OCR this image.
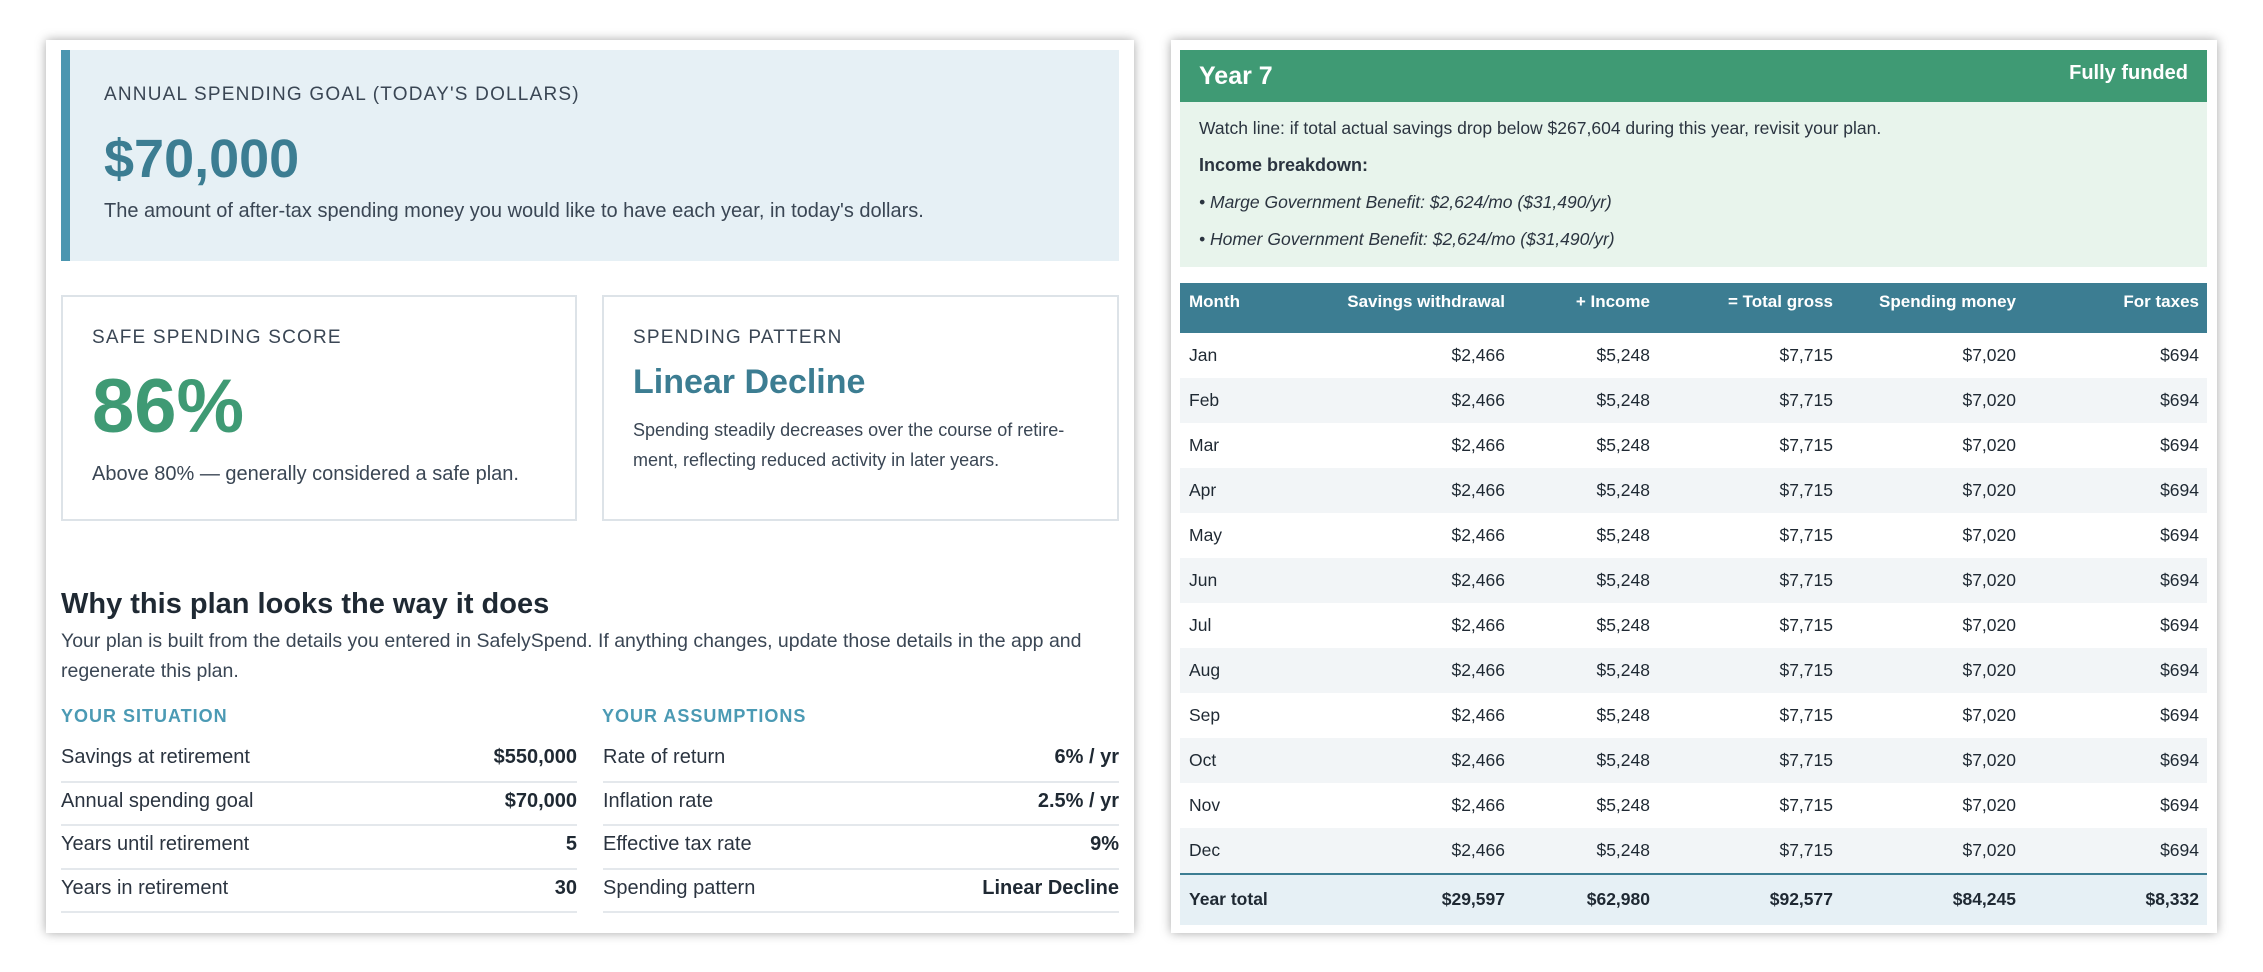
ANNUAL SPENDING GOAL (TODAY'S DOLLARS)
$70,000
The amount of after-tax spending money you would like to have each year, in today's dollars.
SAFE SPENDING SCORE
86%
Above 80% — generally considered a safe plan.
SPENDING PATTERN
Linear Decline
Spending steadily decreases over the course of retire-ment, reflecting reduced activity in later years.
Why this plan looks the way it does
Your plan is built from the details you entered in SafelySpend. If anything changes, update those details in the app and regenerate this plan.
YOUR SITUATION	YOUR ASSUMPTIONS
Savings at retirement	$550,000
Annual spending goal	$70,000
Years until retirement	5
Years in retirement	30
Rate of return	6% / yr
Inflation rate	2.5% / yr
Effective tax rate	9%
Spending pattern	Linear Decline
Year 7	Fully funded
Watch line: if total actual savings drop below $267,604 during this year, revisit your plan.
Income breakdown:
• Marge Government Benefit: $2,624/mo ($31,490/yr)
• Homer Government Benefit: $2,624/mo ($31,490/yr)
Month	Savings withdrawal	+ Income	= Total gross	Spending money	For taxes
Jan	$2,466	$5,248	$7,715	$7,020	$694
Feb	$2,466	$5,248	$7,715	$7,020	$694
Mar	$2,466	$5,248	$7,715	$7,020	$694
Apr	$2,466	$5,248	$7,715	$7,020	$694
May	$2,466	$5,248	$7,715	$7,020	$694
Jun	$2,466	$5,248	$7,715	$7,020	$694
Jul	$2,466	$5,248	$7,715	$7,020	$694
Aug	$2,466	$5,248	$7,715	$7,020	$694
Sep	$2,466	$5,248	$7,715	$7,020	$694
Oct	$2,466	$5,248	$7,715	$7,020	$694
Nov	$2,466	$5,248	$7,715	$7,020	$694
Dec	$2,466	$5,248	$7,715	$7,020	$694
Year total	$29,597	$62,980	$92,577	$84,245	$8,332
